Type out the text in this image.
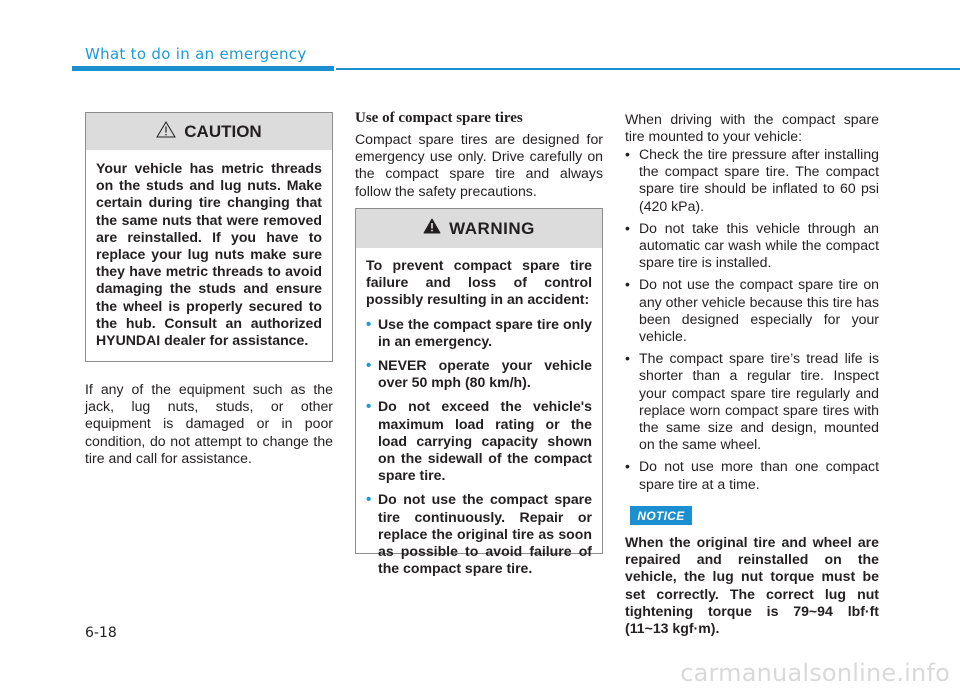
What to do in an emergency
CAUTION
Your vehicle has metric threads on the studs and lug nuts. Make certain during tire changing that the same nuts that were removed are reinstalled. If you have to replace your lug nuts make sure they have metric threads to avoid damaging the studs and ensure the wheel is properly secured to the hub. Consult an authorized HYUNDAI dealer for assistance.
If any of the equipment such as the jack, lug nuts, studs, or other equipment is damaged or in poor condition, do not attempt to change the tire and call for assistance.
Use of compact spare tires
Compact spare tires are designed for emergency use only. Drive carefully on the compact spare tire and always follow the safety precautions.
WARNING
To prevent compact spare tire failure and loss of control possibly resulting in an accident:
• Use the compact spare tire only in an emergency.
• NEVER operate your vehicle over 50 mph (80 km/h).
• Do not exceed the vehicle's maximum load rating or the load carrying capacity shown on the sidewall of the compact spare tire.
• Do not use the compact spare tire continuously. Repair or replace the original tire as soon as possible to avoid failure of the compact spare tire.
When driving with the compact spare tire mounted to your vehicle:
• Check the tire pressure after installing the compact spare tire. The compact spare tire should be inflated to 60 psi (420 kPa).
• Do not take this vehicle through an automatic car wash while the compact spare tire is installed.
• Do not use the compact spare tire on any other vehicle because this tire has been designed especially for your vehicle.
• The compact spare tire’s tread life is shorter than a regular tire. Inspect your compact spare tire regularly and replace worn compact spare tires with the same size and design, mounted on the same wheel.
• Do not use more than one compact spare tire at a time.
NOTICE
When the original tire and wheel are repaired and reinstalled on the vehicle, the lug nut torque must be set correctly. The correct lug nut tightening torque is 79~94 lbf·ft (11~13 kgf·m).
6-18
carmanualsonline.info
